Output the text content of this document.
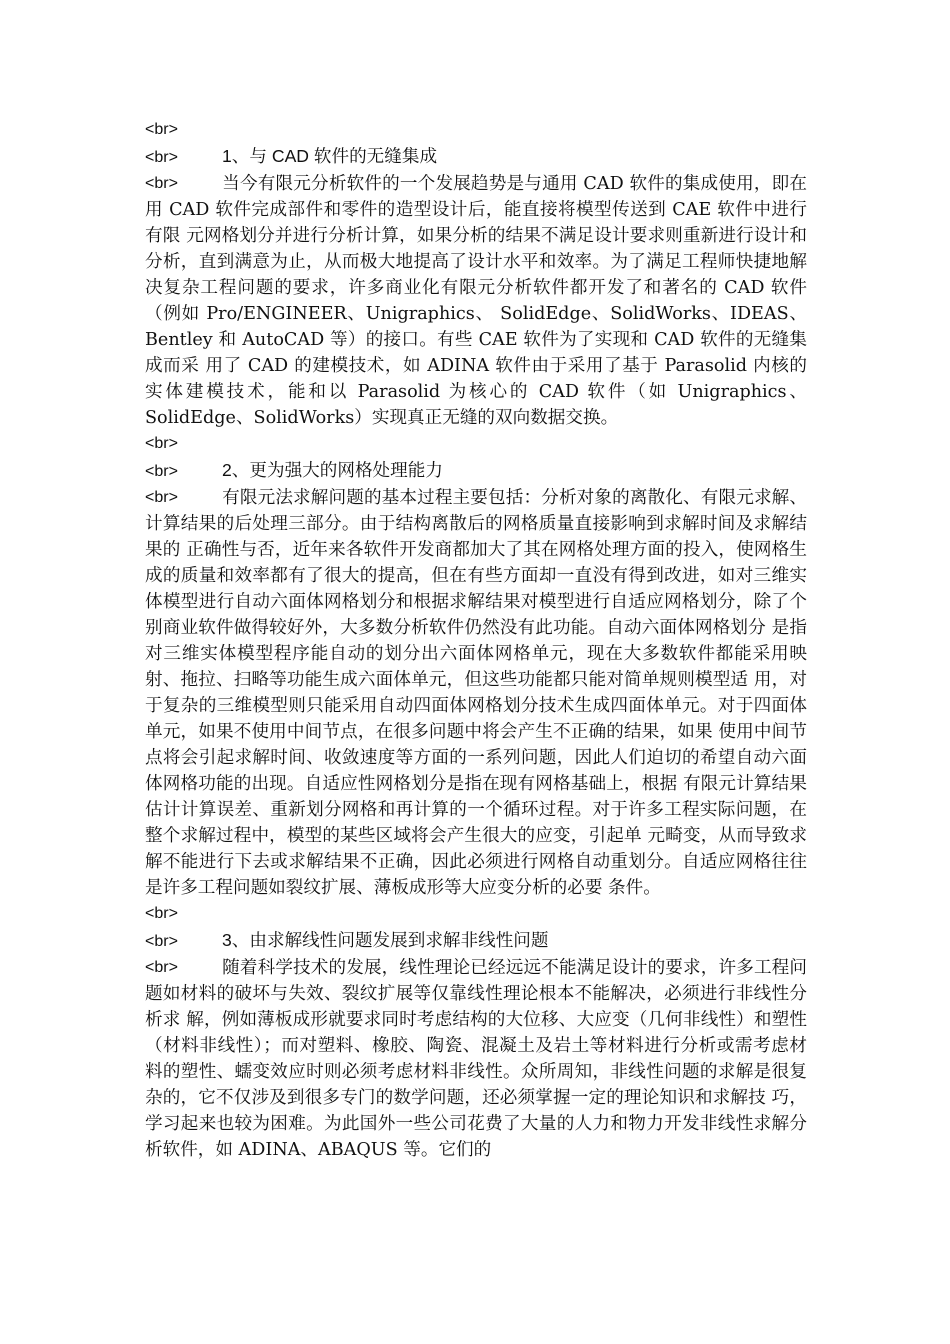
<br>
<br>	1、与 CAD 软件的无缝集成
<br>	当今有限元分析软件的一个发展趋势是与通用 CAD 软件的集成使用，即在用 CAD 软件完成部件和零件的造型设计后，能直接将模型传送到 CAE 软件中进行有限 元网格划分并进行分析计算，如果分析的结果不满足设计要求则重新进行设计和分析，直到满意为止，从而极大地提高了设计水平和效率。为了满足工程师快捷地解 决复杂工程问题的要求，许多商业化有限元分析软件都开发了和著名的 CAD 软件（例如 Pro/ENGINEER、Unigraphics、 SolidEdge、SolidWorks、IDEAS、Bentley 和 AutoCAD 等）的接口。有些 CAE 软件为了实现和 CAD 软件的无缝集成而采 用了 CAD 的建模技术，如 ADINA 软件由于采用了基于 Parasolid 内核的实体建模技术，能和以 Parasolid 为核心的 CAD 软件（如 Unigraphics、SolidEdge、SolidWorks）实现真正无缝的双向数据交换。
<br>
<br>	2、更为强大的网格处理能力
<br>	有限元法求解问题的基本过程主要包括：分析对象的离散化、有限元求解、计算结果的后处理三部分。由于结构离散后的网格质量直接影响到求解时间及求解结果的 正确性与否，近年来各软件开发商都加大了其在网格处理方面的投入，使网格生成的质量和效率都有了很大的提高，但在有些方面却一直没有得到改进，如对三维实 体模型进行自动六面体网格划分和根据求解结果对模型进行自适应网格划分，除了个别商业软件做得较好外，大多数分析软件仍然没有此功能。自动六面体网格划分 是指对三维实体模型程序能自动的划分出六面体网格单元，现在大多数软件都能采用映射、拖拉、扫略等功能生成六面体单元，但这些功能都只能对简单规则模型适 用，对于复杂的三维模型则只能采用自动四面体网格划分技术生成四面体单元。对于四面体单元，如果不使用中间节点，在很多问题中将会产生不正确的结果，如果 使用中间节点将会引起求解时间、收敛速度等方面的一系列问题，因此人们迫切的希望自动六面体网格功能的出现。自适应性网格划分是指在现有网格基础上，根据 有限元计算结果估计计算误差、重新划分网格和再计算的一个循环过程。对于许多工程实际问题，在整个求解过程中，模型的某些区域将会产生很大的应变，引起单 元畸变，从而导致求解不能进行下去或求解结果不正确，因此必须进行网格自动重划分。自适应网格往往是许多工程问题如裂纹扩展、薄板成形等大应变分析的必要 条件。
<br>
<br>	3、由求解线性问题发展到求解非线性问题
<br>	随着科学技术的发展，线性理论已经远远不能满足设计的要求，许多工程问题如材料的破坏与失效、裂纹扩展等仅靠线性理论根本不能解决，必须进行非线性分析求 解，例如薄板成形就要求同时考虑结构的大位移、大应变（几何非线性）和塑性（材料非线性）；而对塑料、橡胶、陶瓷、混凝土及岩土等材料进行分析或需考虑材 料的塑性、蠕变效应时则必须考虑材料非线性。众所周知，非线性问题的求解是很复杂的，它不仅涉及到很多专门的数学问题，还必须掌握一定的理论知识和求解技 巧，学习起来也较为困难。为此国外一些公司花费了大量的人力和物力开发非线性求解分析软件，如 ADINA、ABAQUS 等。它们的
